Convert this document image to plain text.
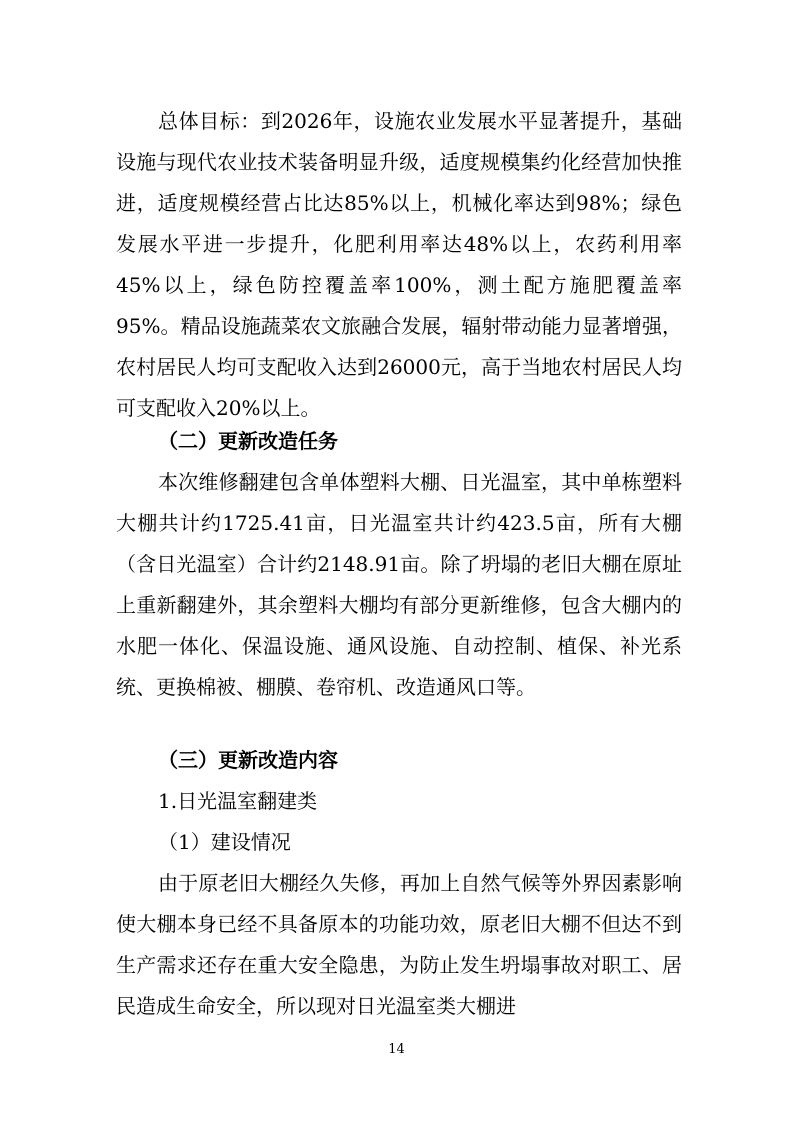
总体目标：到2026年，设施农业发展水平显著提升，基础设施与现代农业技术装备明显升级，适度规模集约化经营加快推进，适度规模经营占比达85%以上，机械化率达到98%；绿色发展水平进一步提升，化肥利用率达48%以上，农药利用率45%以上，绿色防控覆盖率100%，测土配方施肥覆盖率95%。精品设施蔬菜农文旅融合发展，辐射带动能力显著增强，农村居民人均可支配收入达到26000元，高于当地农村居民人均可支配收入20%以上。

（二）更新改造任务

本次维修翻建包含单体塑料大棚、日光温室，其中单栋塑料大棚共计约1725.41亩，日光温室共计约423.5亩，所有大棚（含日光温室）合计约2148.91亩。除了坍塌的老旧大棚在原址上重新翻建外，其余塑料大棚均有部分更新维修，包含大棚内的水肥一体化、保温设施、通风设施、自动控制、植保、补光系统、更换棉被、棚膜、卷帘机、改造通风口等。

（三）更新改造内容

1.日光温室翻建类

（1）建设情况

由于原老旧大棚经久失修，再加上自然气候等外界因素影响使大棚本身已经不具备原本的功能功效，原老旧大棚不但达不到生产需求还存在重大安全隐患，为防止发生坍塌事故对职工、居民造成生命安全，所以现对日光温室类大棚进

14
